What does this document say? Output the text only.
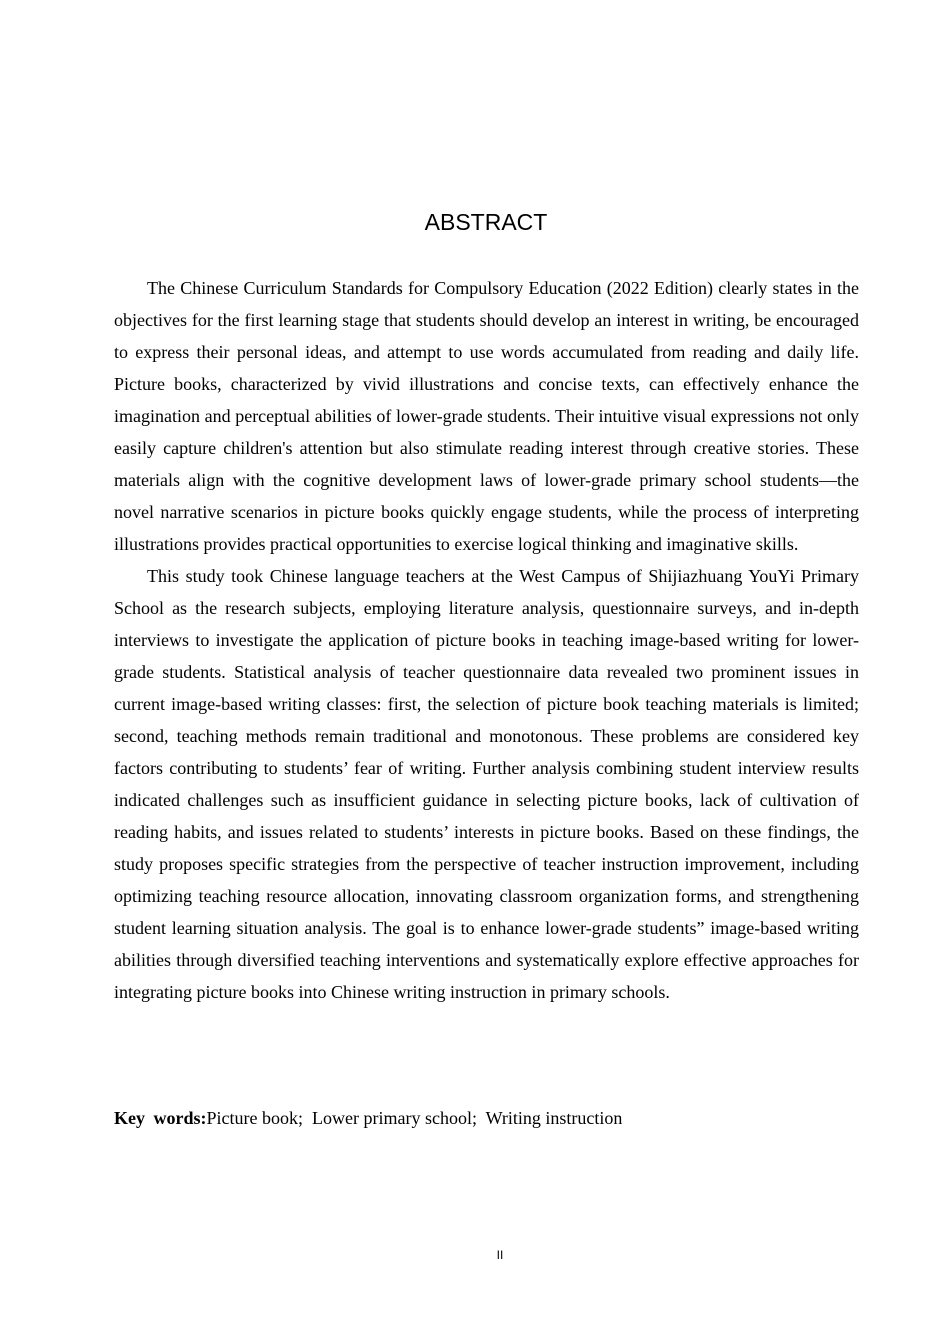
ABSTRACT

The Chinese Curriculum Standards for Compulsory Education (2022 Edition) clearly states in the objectives for the first learning stage that students should develop an interest in writing, be encouraged to express their personal ideas, and attempt to use words accumulated from reading and daily life. Picture books, characterized by vivid illustrations and concise texts, can effectively enhance the imagination and perceptual abilities of lower-grade students. Their intuitive visual expressions not only easily capture children's attention but also stimulate reading interest through creative stories. These materials align with the cognitive development laws of lower-grade primary school students—the novel narrative scenarios in picture books quickly engage students, while the process of interpreting illustrations provides practical opportunities to exercise logical thinking and imaginative skills.

This study took Chinese language teachers at the West Campus of Shijiazhuang YouYi Primary School as the research subjects, employing literature analysis, questionnaire surveys, and in-depth interviews to investigate the application of picture books in teaching image-based writing for lower-grade students. Statistical analysis of teacher questionnaire data revealed two prominent issues in current image-based writing classes: first, the selection of picture book teaching materials is limited; second, teaching methods remain traditional and monotonous. These problems are considered key factors contributing to students’ fear of writing. Further analysis combining student interview results indicated challenges such as insufficient guidance in selecting picture books, lack of cultivation of reading habits, and issues related to students’ interests in picture books. Based on these findings, the study proposes specific strategies from the perspective of teacher instruction improvement, including optimizing teaching resource allocation, innovating classroom organization forms, and strengthening student learning situation analysis. The goal is to enhance lower-grade students” image-based writing abilities through diversified teaching interventions and systematically explore effective approaches for integrating picture books into Chinese writing instruction in primary schools.

Key words:Picture book;  Lower primary school;  Writing instruction

II
